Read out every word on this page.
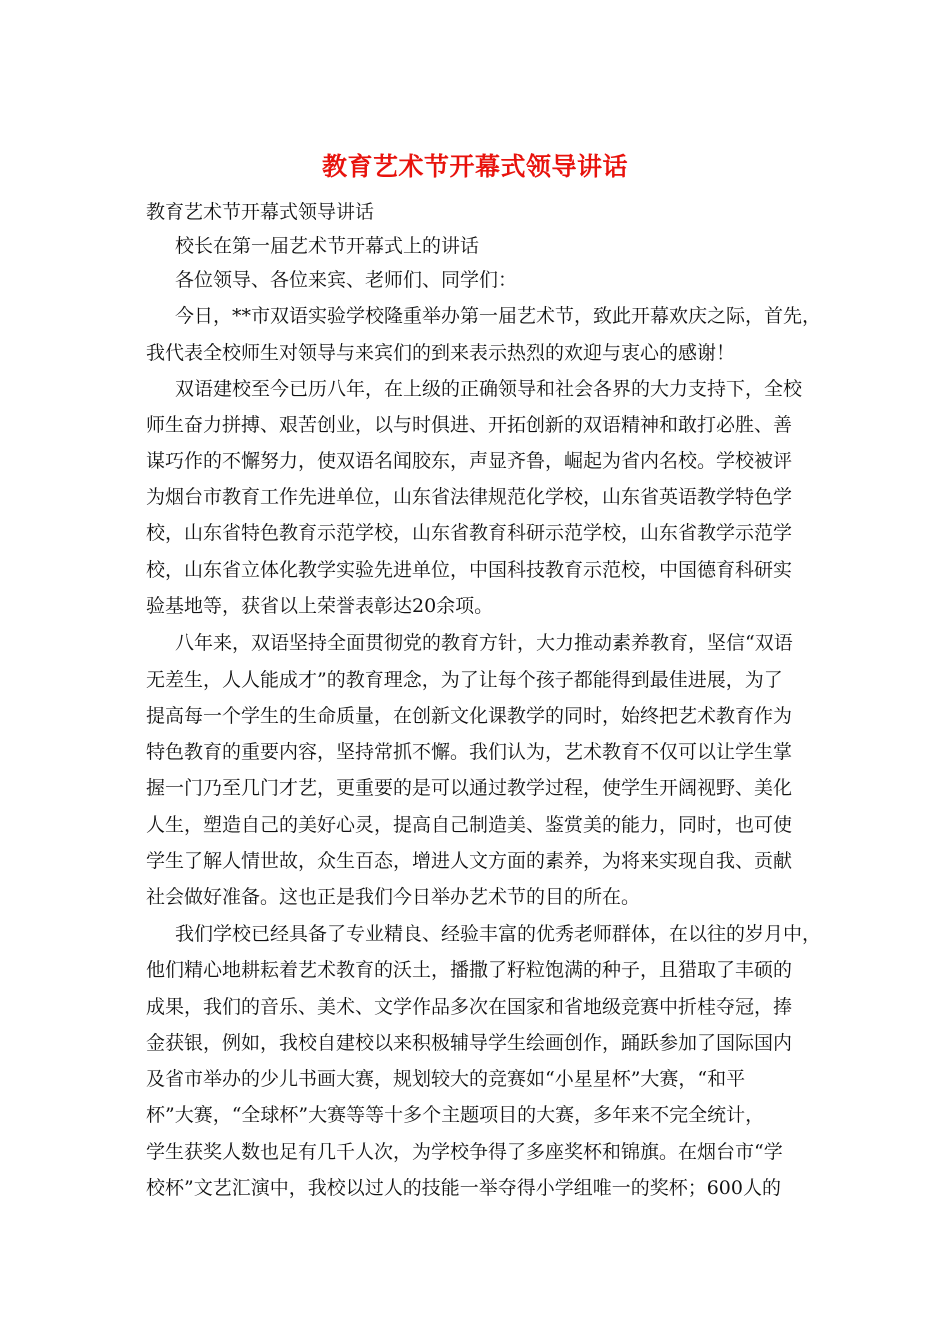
教育艺术节开幕式领导讲话
教育艺术节开幕式领导讲话
校长在第一届艺术节开幕式上的讲话
各位领导、各位来宾、老师们、同学们：
今日，**市双语实验学校隆重举办第一届艺术节，致此开幕欢庆之际，首先，
我代表全校师生对领导与来宾们的到来表示热烈的欢迎与衷心的感谢！
双语建校至今已历八年，在上级的正确领导和社会各界的大力支持下，全校
师生奋力拼搏、艰苦创业，以与时俱进、开拓创新的双语精神和敢打必胜、善
谋巧作的不懈努力，使双语名闻胶东，声显齐鲁，崛起为省内名校。学校被评
为烟台市教育工作先进单位，山东省法律规范化学校，山东省英语教学特色学
校，山东省特色教育示范学校，山东省教育科研示范学校，山东省教学示范学
校，山东省立体化教学实验先进单位，中国科技教育示范校，中国德育科研实
验基地等，获省以上荣誉表彰达20余项。
八年来，双语坚持全面贯彻党的教育方针，大力推动素养教育，坚信“双语
无差生，人人能成才”的教育理念，为了让每个孩子都能得到最佳进展，为了
提高每一个学生的生命质量，在创新文化课教学的同时，始终把艺术教育作为
特色教育的重要内容，坚持常抓不懈。我们认为，艺术教育不仅可以让学生掌
握一门乃至几门才艺，更重要的是可以通过教学过程，使学生开阔视野、美化
人生，塑造自己的美好心灵，提高自己制造美、鉴赏美的能力，同时，也可使
学生了解人情世故，众生百态，增进人文方面的素养，为将来实现自我、贡献
社会做好准备。这也正是我们今日举办艺术节的目的所在。
我们学校已经具备了专业精良、经验丰富的优秀老师群体，在以往的岁月中，
他们精心地耕耘着艺术教育的沃土，播撒了籽粒饱满的种子，且猎取了丰硕的
成果，我们的音乐、美术、文学作品多次在国家和省地级竞赛中折桂夺冠，捧
金获银，例如，我校自建校以来积极辅导学生绘画创作，踊跃参加了国际国内
及省市举办的少儿书画大赛，规划较大的竞赛如“小星星杯”大赛，“和平
杯”大赛，“全球杯”大赛等等十多个主题项目的大赛，多年来不完全统计，
学生获奖人数也足有几千人次，为学校争得了多座奖杯和锦旗。在烟台市“学
校杯”文艺汇演中，我校以过人的技能一举夺得小学组唯一的奖杯；600人的
